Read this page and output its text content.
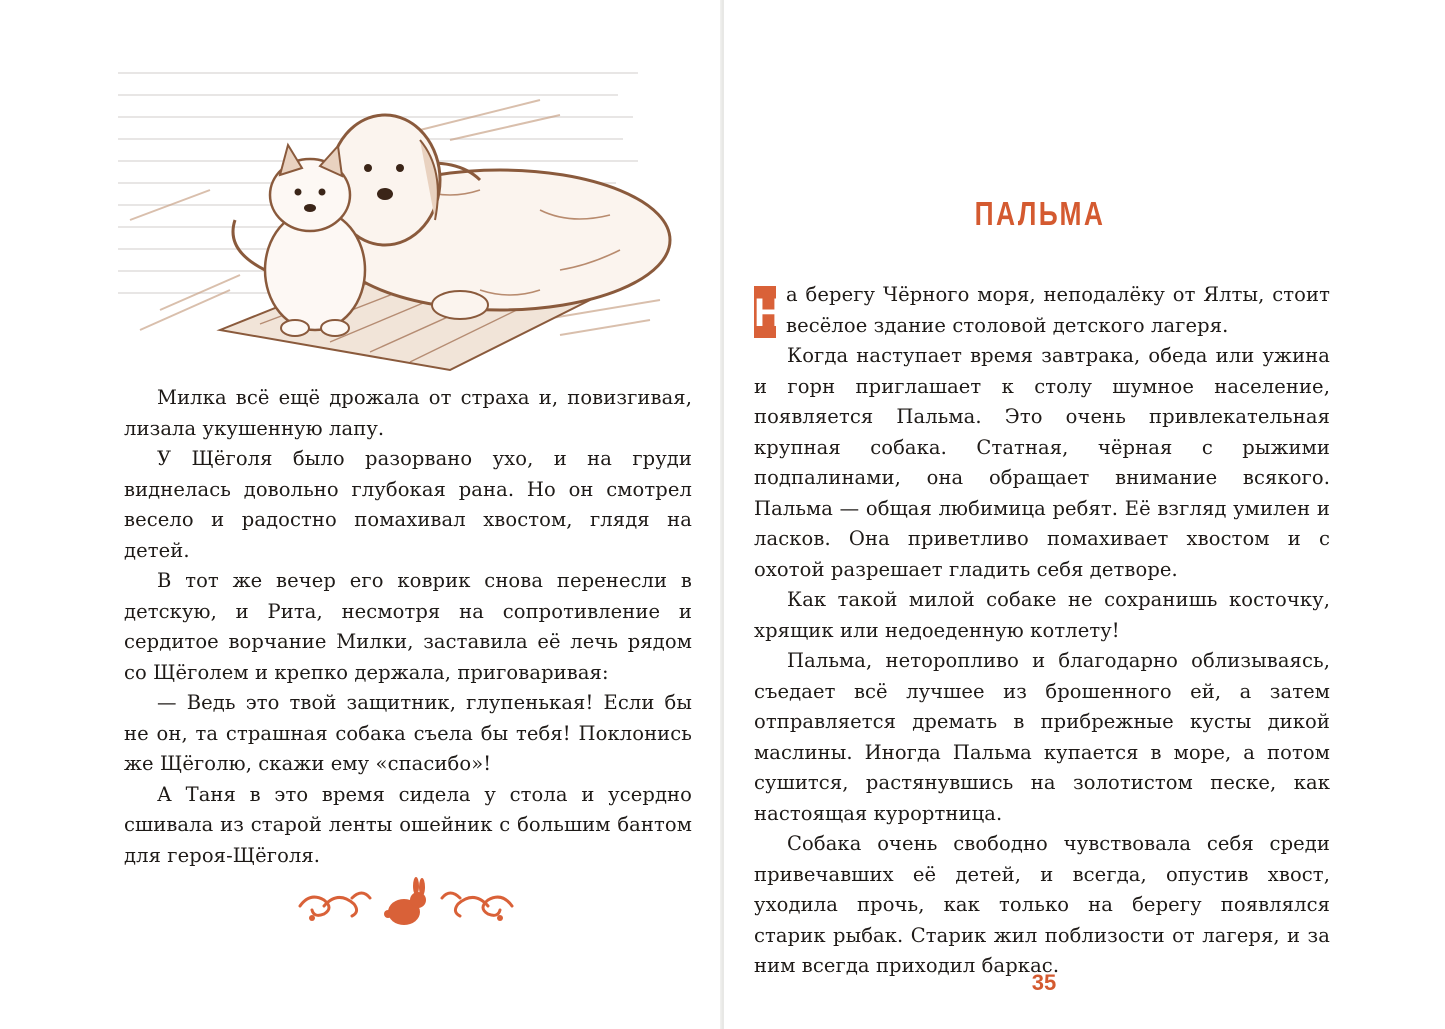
Милка всё ещё дрожала от страха и, повизгивая, лизала укушенную лапу.

У Щёголя было разорвано ухо, и на груди виднелась довольно глубокая рана. Но он смотрел весело и радостно помахивал хвостом, глядя на детей.

В тот же вечер его коврик снова перенесли в детскую, и Рита, несмотря на сопротивление и сердитое ворчание Милки, заставила её лечь рядом со Щёголем и крепко держала, приговаривая:

— Ведь это твой защитник, глупенькая! Если бы не он, та страшная собака съела бы тебя! Поклонись же Щёголю, скажи ему «спасибо»!

А Таня в это время сидела у стола и усердно сшивала из старой ленты ошейник с большим бантом для героя-Щёголя.

ПАЛЬМА

Н а берегу Чёрного моря, неподалёку от Ялты, стоит весёлое здание столовой детского лагеря.

Когда наступает время завтрака, обеда или ужина и горн приглашает к столу шумное население, появляется Пальма. Это очень привлекательная крупная собака. Статная, чёрная с рыжими подпалинами, она обращает внимание всякого. Пальма — общая любимица ребят. Её взгляд умилен и ласков. Она приветливо помахивает хвостом и с охотой разрешает гладить себя детворе.

Как такой милой собаке не сохранишь косточку, хрящик или недоеденную котлету!

Пальма, неторопливо и благодарно облизываясь, съедает всё лучшее из брошенного ей, а затем отправляется дремать в прибрежные кусты дикой маслины. Иногда Пальма купается в море, а потом сушится, растянувшись на золотистом песке, как настоящая курортница.

Собака очень свободно чувствовала себя среди привечавших её детей, и всегда, опустив хвост, уходила прочь, как только на берегу появлялся старик рыбак. Старик жил поблизости от лагеря, и за ним всегда приходил баркас.

35
